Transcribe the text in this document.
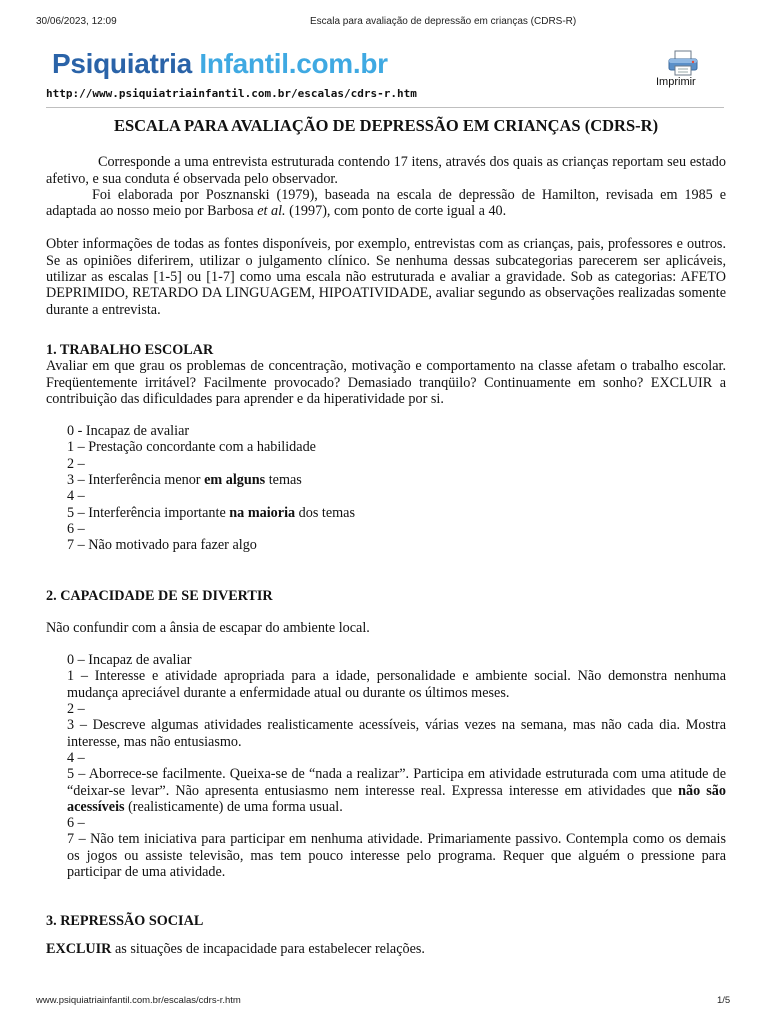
30/06/2023, 12:09	Escala para avaliação de depressão em crianças (CDRS-R)
Psiquiatria Infantil.com.br
http://www.psiquiatriainfantil.com.br/escalas/cdrs-r.htm
Imprimir

ESCALA PARA AVALIAÇÃO DE DEPRESSÃO EM CRIANÇAS (CDRS-R)

Corresponde a uma entrevista estruturada contendo 17 itens, através dos quais as crianças reportam seu estado afetivo, e sua conduta é observada pelo observador.

Foi elaborada por Posznanski (1979), baseada na escala de depressão de Hamilton, revisada em 1985 e adaptada ao nosso meio por Barbosa et al. (1997), com ponto de corte igual a 40.

Obter informações de todas as fontes disponíveis, por exemplo, entrevistas com as crianças, pais, professores e outros. Se as opiniões diferirem, utilizar o julgamento clínico. Se nenhuma dessas subcategorias parecerem ser aplicáveis, utilizar as escalas [1-5] ou [1-7] como uma escala não estruturada e avaliar a gravidade. Sob as categorias: AFETO DEPRIMIDO, RETARDO DA LINGUAGEM, HIPOATIVIDADE, avaliar segundo as observações realizadas somente durante a entrevista.

1. TRABALHO ESCOLAR

Avaliar em que grau os problemas de concentração, motivação e comportamento na classe afetam o trabalho escolar. Freqüentemente irritável? Facilmente provocado? Demasiado tranqüilo? Continuamente em sonho? EXCLUIR a contribuição das dificuldades para aprender e da hiperatividade por si.

0 - Incapaz de avaliar

1 – Prestação concordante com a habilidade

2 –

3 – Interferência menor em alguns temas

4 –

5 – Interferência importante na maioria dos temas

6 –

7 – Não motivado para fazer algo

2. CAPACIDADE DE SE DIVERTIR

Não confundir com a ânsia de escapar do ambiente local.

0 – Incapaz de avaliar

1 – Interesse e atividade apropriada para a idade, personalidade e ambiente social. Não demonstra nenhuma mudança apreciável durante a enfermidade atual ou durante os últimos meses.

2 –

3 – Descreve algumas atividades realisticamente acessíveis, várias vezes na semana, mas não cada dia. Mostra interesse, mas não entusiasmo.

4 –

5 – Aborrece-se facilmente. Queixa-se de “nada a realizar”. Participa em atividade estruturada com uma atitude de “deixar-se levar”. Não apresenta entusiasmo nem interesse real. Expressa interesse em atividades que não são acessíveis (realisticamente) de uma forma usual.

6 –

7 – Não tem iniciativa para participar em nenhuma atividade. Primariamente passivo. Contempla como os demais os jogos ou assiste televisão, mas tem pouco interesse pelo programa. Requer que alguém o pressione para participar de uma atividade.

3. REPRESSÃO SOCIAL

EXCLUIR as situações de incapacidade para estabelecer relações.

www.psiquiatriainfantil.com.br/escalas/cdrs-r.htm	1/5
